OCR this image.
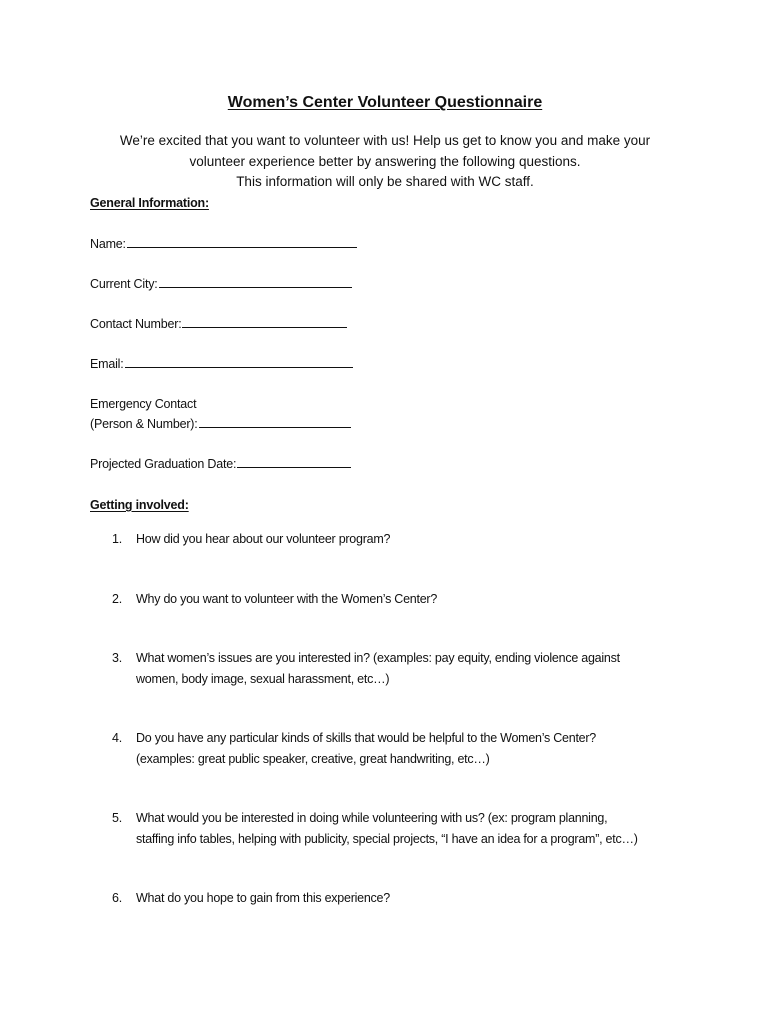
Women’s Center Volunteer Questionnaire
We’re excited that you want to volunteer with us! Help us get to know you and make your
volunteer experience better by answering the following questions.
This information will only be shared with WC staff.
General Information:
Name:
Current City:
Contact Number:
Email:
Emergency Contact
(Person & Number):
Projected Graduation Date:
Getting involved:
1.	How did you hear about our volunteer program?
2.	Why do you want to volunteer with the Women’s Center?
3.	What women’s issues are you interested in? (examples: pay equity, ending violence against
women, body image, sexual harassment, etc…)
4.	Do you have any particular kinds of skills that would be helpful to the Women’s Center?
(examples: great public speaker, creative, great handwriting, etc…)
5.	What would you be interested in doing while volunteering with us? (ex: program planning,
staffing info tables, helping with publicity, special projects, “I have an idea for a program”, etc…)
6.	What do you hope to gain from this experience?
